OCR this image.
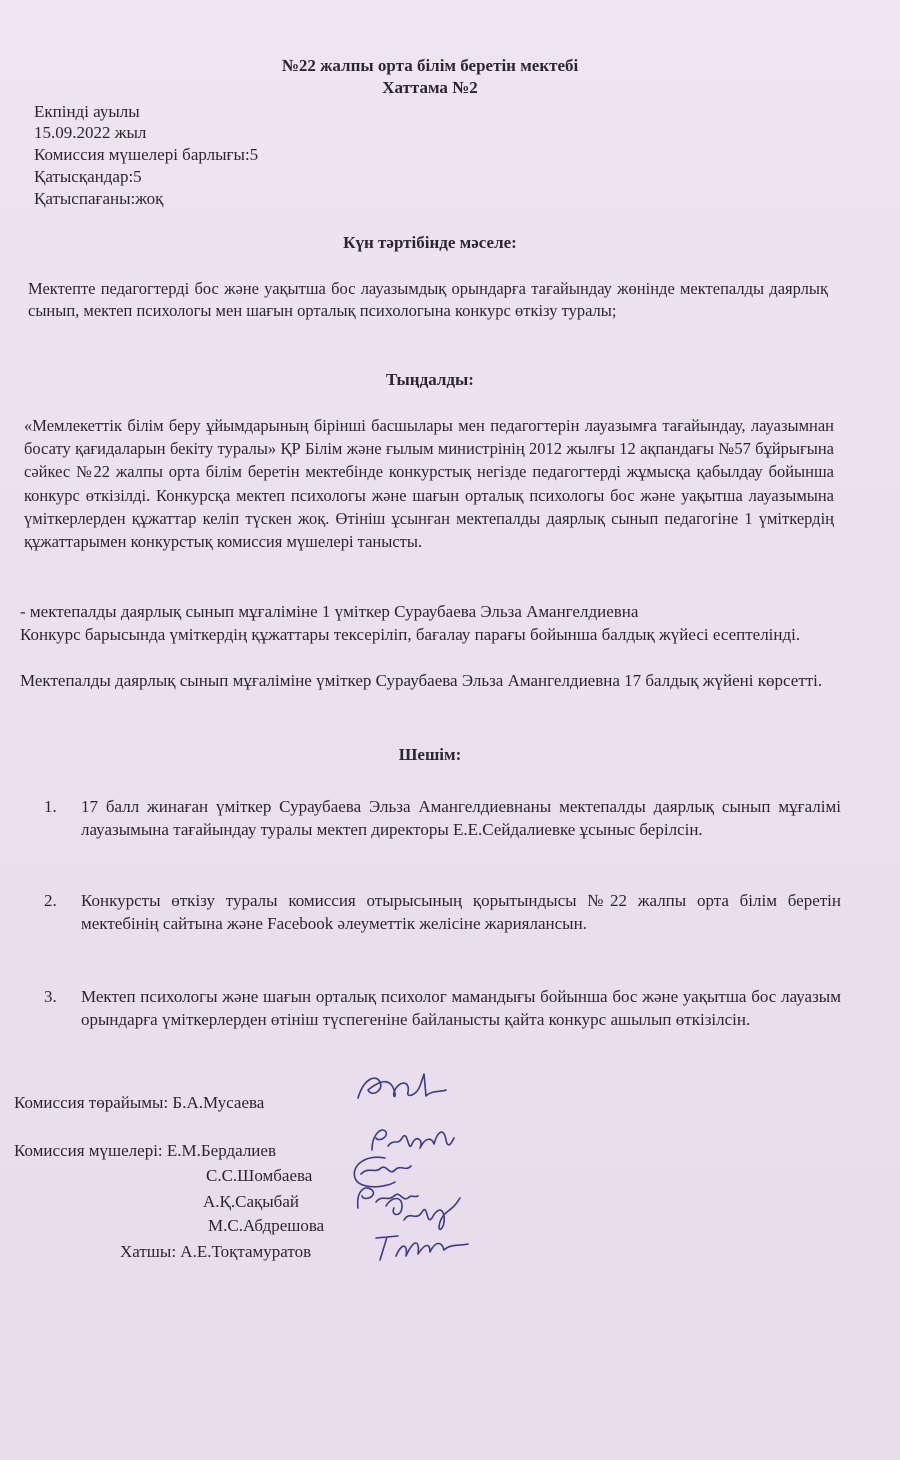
№22 жалпы орта білім беретін мектебі
Хаттама №2
Екпінді ауылы
15.09.2022 жыл
Комиссия мүшелері барлығы:5
Қатысқандар:5
Қатыспағаны:жоқ
Күн тәртібінде мәселе:
Мектепте педагогтерді бос және уақытша бос лауазымдық орындарға тағайындау жөнінде мектепалды даярлық сынып, мектеп психологы мен шағын орталық психологына конкурс өткізу туралы;
Тыңдалды:
«Мемлекеттік білім беру ұйымдарының бірінші басшылары мен педагогтерін лауазымға тағайындау, лауазымнан босату қағидаларын бекіту туралы» ҚР Білім және ғылым министрінің 2012 жылғы 12 ақпандағы №57 бұйрығына сәйкес №22 жалпы орта білім беретін мектебінде конкурстық негізде педагогтерді жұмысқа қабылдау бойынша конкурс өткізілді. Конкурсқа мектеп психологы және шағын орталық психологы бос және уақытша лауазымына үміткерлерден құжаттар келіп түскен жоқ. Өтініш ұсынған мектепалды даярлық сынып педагогіне 1 үміткердің құжаттарымен конкурстық комиссия мүшелері танысты.
- мектепалды даярлық сынып мұғаліміне 1 үміткер Сураубаева Эльза Амангелдиевна
Конкурс барысында үміткердің құжаттары тексеріліп, бағалау парағы бойынша балдық жүйесі есептелінді.
Мектепалды даярлық сынып мұғаліміне үміткер Сураубаева Эльза Амангелдиевна 17 балдық жүйені көрсетті.
Шешім:
1. 17 балл жинаған үміткер Сураубаева Эльза Амангелдиевнаны мектепалды даярлық сынып мұғалімі лауазымына тағайындау туралы мектеп директоры Е.Е.Сейдалиевке ұсыныс берілсін.
2. Конкурсты өткізу туралы комиссия отырысының қорытындысы №22 жалпы орта білім беретін мектебінің сайтына және Facebook әлеуметтік желісіне жариялансын.
3. Мектеп психологы және шағын орталық психолог мамандығы бойынша бос және уақытша бос лауазым орындарға үміткерлерден өтініш түспегеніне байланысты қайта конкурс ашылып өткізілсін.
Комиссия төрайымы: Б.А.Мусаева
Комиссия мүшелері: Е.М.Бердалиев
С.С.Шомбаева
А.Қ.Сақыбай
М.С.Абдрешова
Хатшы: А.Е.Тоқтамуратов
